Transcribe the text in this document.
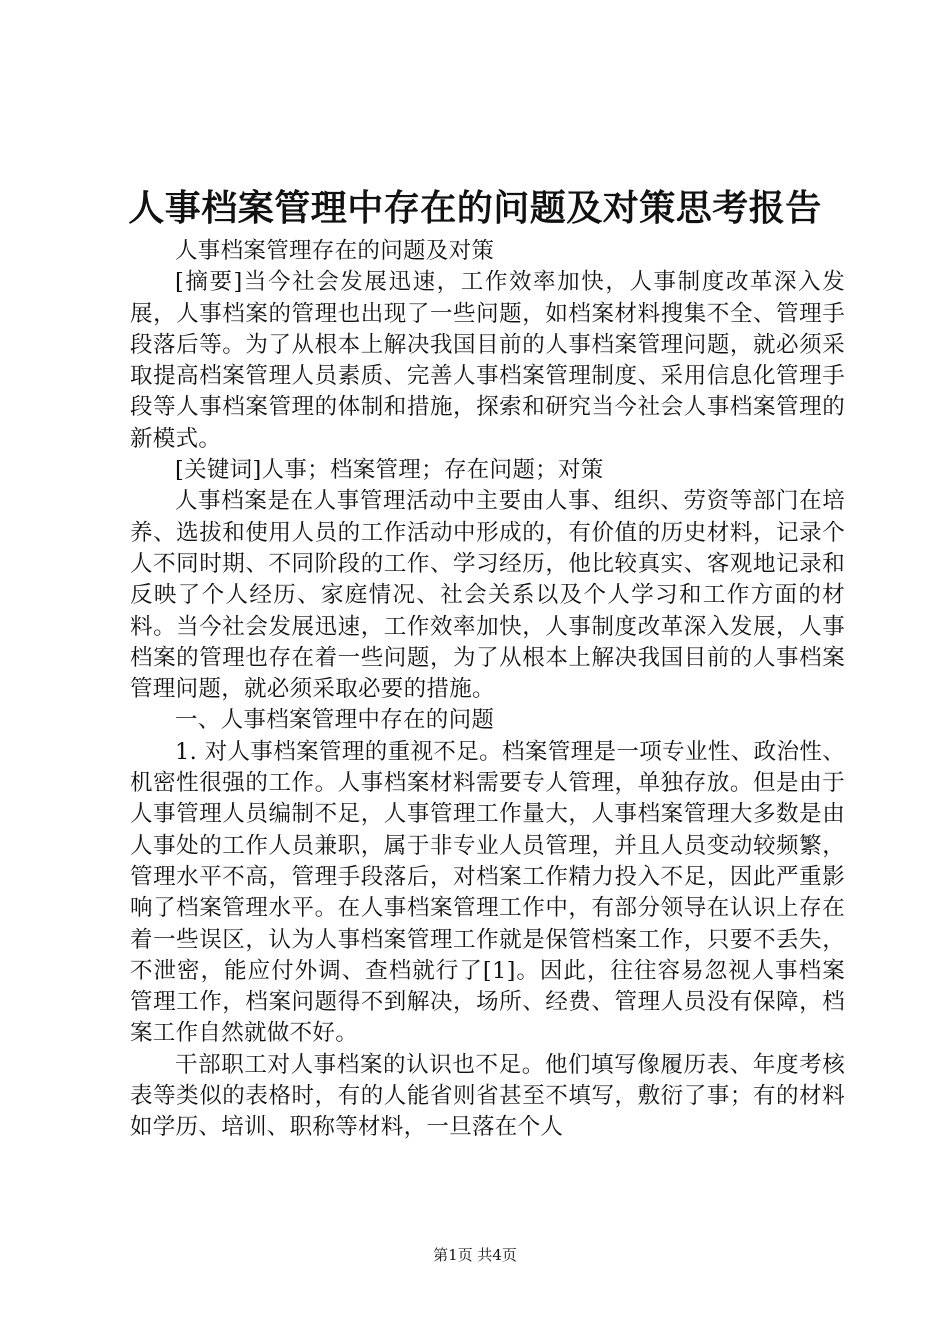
人事档案管理中存在的问题及对策思考报告

人事档案管理存在的问题及对策

[摘要]当今社会发展迅速，工作效率加快，人事制度改革深入发展，人事档案的管理也出现了一些问题，如档案材料搜集不全、管理手段落后等。为了从根本上解决我国目前的人事档案管理问题，就必须采取提高档案管理人员素质、完善人事档案管理制度、采用信息化管理手段等人事档案管理的体制和措施，探索和研究当今社会人事档案管理的新模式。

[关键词]人事；档案管理；存在问题；对策

人事档案是在人事管理活动中主要由人事、组织、劳资等部门在培养、选拔和使用人员的工作活动中形成的，有价值的历史材料，记录个人不同时期、不同阶段的工作、学习经历，他比较真实、客观地记录和反映了个人经历、家庭情况、社会关系以及个人学习和工作方面的材料。当今社会发展迅速，工作效率加快，人事制度改革深入发展，人事档案的管理也存在着一些问题，为了从根本上解决我国目前的人事档案管理问题，就必须采取必要的措施。

一、人事档案管理中存在的问题

1. 对人事档案管理的重视不足。档案管理是一项专业性、政治性、机密性很强的工作。人事档案材料需要专人管理，单独存放。但是由于人事管理人员编制不足，人事管理工作量大，人事档案管理大多数是由人事处的工作人员兼职，属于非专业人员管理，并且人员变动较频繁，管理水平不高，管理手段落后，对档案工作精力投入不足，因此严重影响了档案管理水平。在人事档案管理工作中，有部分领导在认识上存在着一些误区，认为人事档案管理工作就是保管档案工作，只要不丢失，不泄密，能应付外调、查档就行了[1]。因此，往往容易忽视人事档案管理工作，档案问题得不到解决，场所、经费、管理人员没有保障，档案工作自然就做不好。

干部职工对人事档案的认识也不足。他们填写像履历表、年度考核表等类似的表格时，有的人能省则省甚至不填写，敷衍了事；有的材料如学历、培训、职称等材料，一旦落在个人

第1页 共4页
